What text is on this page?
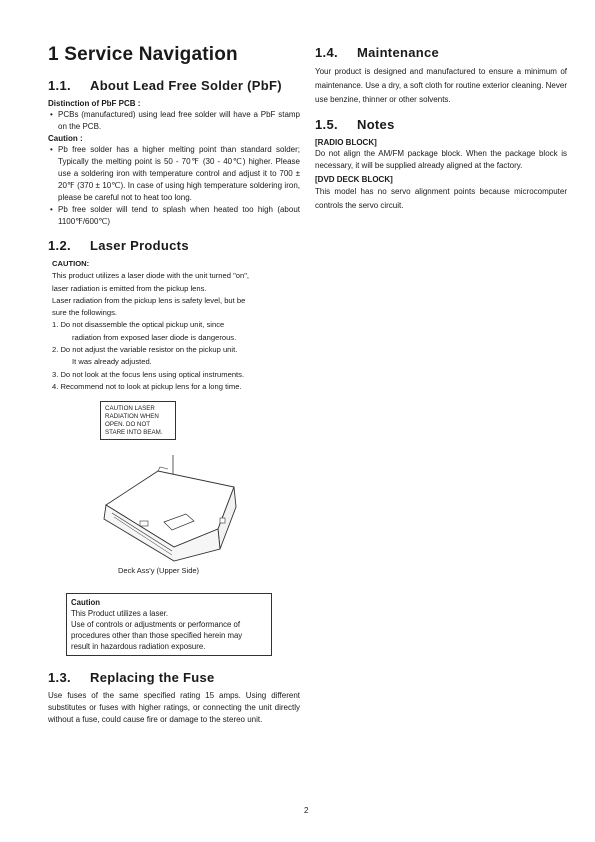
1 Service Navigation
1.1.	About Lead Free Solder (PbF)

Distinction of PbF PCB :

• PCBs (manufactured) using lead free solder will have a PbF stamp on the PCB.

Caution :

• Pb free solder has a higher melting point than standard solder; Typically the melting point is 50 - 70℉ (30 - 40℃) higher. Please use a soldering iron with temperature control and adjust it to 700 ± 20℉ (370 ± 10℃). In case of using high temperature soldering iron, please be careful not to heat too long.
• Pb free solder will tend to splash when heated too high (about 1100℉/600℃)
1.2.	Laser Products
CAUTION:
This product utilizes a laser diode with the unit turned "on",
laser radiation is emitted from the pickup lens.
Laser radiation from the pickup lens is safety level, but be
sure the followings.
1. Do not disassemble the optical pickup unit, since
radiation from exposed laser diode is dangerous.
2. Do not adjust the variable resistor on the pickup unit.
It was already adjusted.
3. Do not look at the focus lens using optical instruments.
4. Recommend not to look at pickup lens for a long time.
CAUTION LASER RADIATION WHEN OPEN. DO NOT STARE INTO BEAM.
Deck Ass'y (Upper Side)
Caution
This Product utilizes a laser.
Use of controls or adjustments or performance of
procedures other than those specified herein may
result in hazardous radiation exposure.
1.3.	Replacing the Fuse

Use fuses of the same specified rating 15 amps. Using different substitutes or fuses with higher ratings, or connecting the unit directly without a fuse, could cause fire or damage to the stereo unit.

1.4.	Maintenance

Your product is designed and manufactured to ensure a minimum of maintenance. Use a dry, a soft cloth for routine exterior cleaning. Never use benzine, thinner or other solvents.

1.5.	Notes

[RADIO BLOCK]

Do not align the AM/FM package block. When the package block is necessary, it will be supplied already aligned at the factory.

[DVD DECK BLOCK]

This model has no servo alignment points because microcomputer controls the servo circuit.

2
